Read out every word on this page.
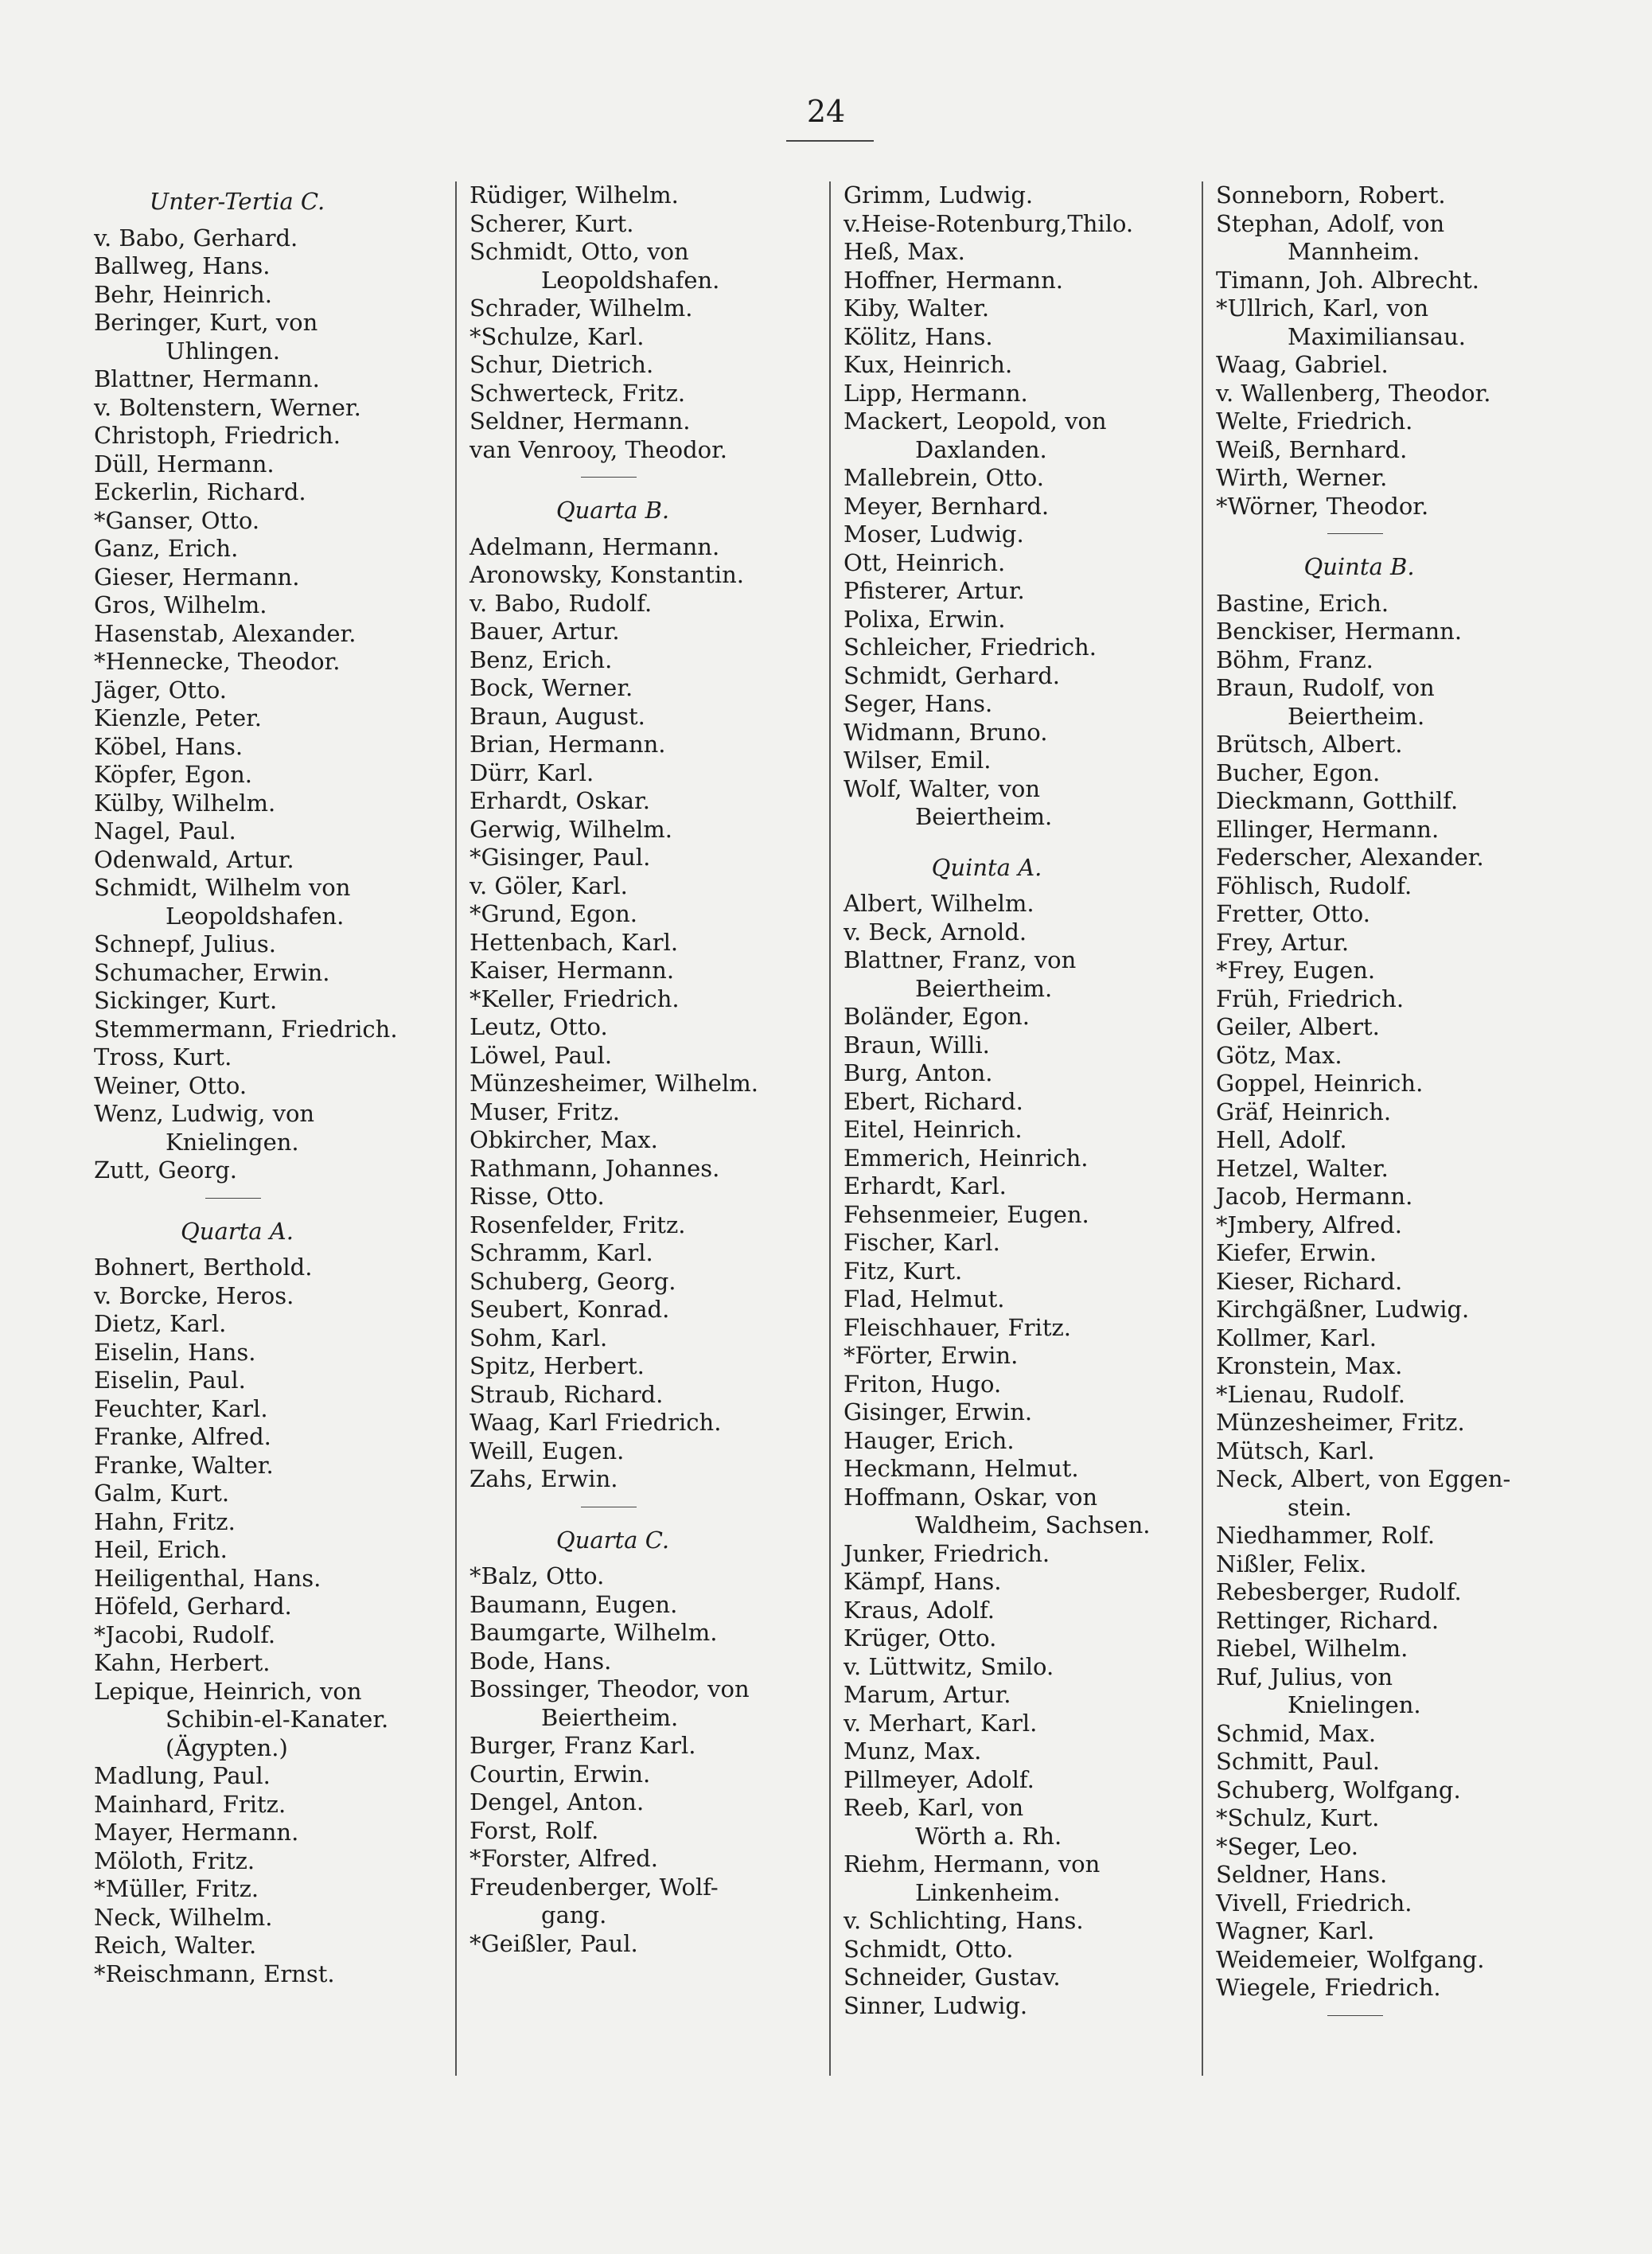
24
Unter-Tertia C.
v. Babo, Gerhard.
Ballweg, Hans.
Behr, Heinrich.
Beringer, Kurt, von
Uhlingen.
Blattner, Hermann.
v. Boltenstern, Werner.
Christoph, Friedrich.
Düll, Hermann.
Eckerlin, Richard.
*Ganser, Otto.
Ganz, Erich.
Gieser, Hermann.
Gros, Wilhelm.
Hasenstab, Alexander.
*Hennecke, Theodor.
Jäger, Otto.
Kienzle, Peter.
Köbel, Hans.
Köpfer, Egon.
Külby, Wilhelm.
Nagel, Paul.
Odenwald, Artur.
Schmidt, Wilhelm von
Leopoldshafen.
Schnepf, Julius.
Schumacher, Erwin.
Sickinger, Kurt.
Stemmermann, Friedrich.
Tross, Kurt.
Weiner, Otto.
Wenz, Ludwig, von
Knielingen.
Zutt, Georg.
Quarta A.
Bohnert, Berthold.
v. Borcke, Heros.
Dietz, Karl.
Eiselin, Hans.
Eiselin, Paul.
Feuchter, Karl.
Franke, Alfred.
Franke, Walter.
Galm, Kurt.
Hahn, Fritz.
Heil, Erich.
Heiligenthal, Hans.
Höfeld, Gerhard.
*Jacobi, Rudolf.
Kahn, Herbert.
Lepique, Heinrich, von
Schibin-el-Kanater.
(Ägypten.)
Madlung, Paul.
Mainhard, Fritz.
Mayer, Hermann.
Möloth, Fritz.
*Müller, Fritz.
Neck, Wilhelm.
Reich, Walter.
*Reischmann, Ernst.
Rüdiger, Wilhelm.
Scherer, Kurt.
Schmidt, Otto, von
Leopoldshafen.
Schrader, Wilhelm.
*Schulze, Karl.
Schur, Dietrich.
Schwerteck, Fritz.
Seldner, Hermann.
van Venrooy, Theodor.
Quarta B.
Adelmann, Hermann.
Aronowsky, Konstantin.
v. Babo, Rudolf.
Bauer, Artur.
Benz, Erich.
Bock, Werner.
Braun, August.
Brian, Hermann.
Dürr, Karl.
Erhardt, Oskar.
Gerwig, Wilhelm.
*Gisinger, Paul.
v. Göler, Karl.
*Grund, Egon.
Hettenbach, Karl.
Kaiser, Hermann.
*Keller, Friedrich.
Leutz, Otto.
Löwel, Paul.
Münzesheimer, Wilhelm.
Muser, Fritz.
Obkircher, Max.
Rathmann, Johannes.
Risse, Otto.
Rosenfelder, Fritz.
Schramm, Karl.
Schuberg, Georg.
Seubert, Konrad.
Sohm, Karl.
Spitz, Herbert.
Straub, Richard.
Waag, Karl Friedrich.
Weill, Eugen.
Zahs, Erwin.
Quarta C.
*Balz, Otto.
Baumann, Eugen.
Baumgarte, Wilhelm.
Bode, Hans.
Bossinger, Theodor, von
Beiertheim.
Burger, Franz Karl.
Courtin, Erwin.
Dengel, Anton.
Forst, Rolf.
*Forster, Alfred.
Freudenberger, Wolf-
gang.
*Geißler, Paul.
Grimm, Ludwig.
v.Heise-Rotenburg,Thilo.
Heß, Max.
Hoffner, Hermann.
Kiby, Walter.
Kölitz, Hans.
Kux, Heinrich.
Lipp, Hermann.
Mackert, Leopold, von
Daxlanden.
Mallebrein, Otto.
Meyer, Bernhard.
Moser, Ludwig.
Ott, Heinrich.
Pfisterer, Artur.
Polixa, Erwin.
Schleicher, Friedrich.
Schmidt, Gerhard.
Seger, Hans.
Widmann, Bruno.
Wilser, Emil.
Wolf, Walter, von
Beiertheim.
Quinta A.
Albert, Wilhelm.
v. Beck, Arnold.
Blattner, Franz, von
Beiertheim.
Boländer, Egon.
Braun, Willi.
Burg, Anton.
Ebert, Richard.
Eitel, Heinrich.
Emmerich, Heinrich.
Erhardt, Karl.
Fehsenmeier, Eugen.
Fischer, Karl.
Fitz, Kurt.
Flad, Helmut.
Fleischhauer, Fritz.
*Förter, Erwin.
Friton, Hugo.
Gisinger, Erwin.
Hauger, Erich.
Heckmann, Helmut.
Hoffmann, Oskar, von
Waldheim, Sachsen.
Junker, Friedrich.
Kämpf, Hans.
Kraus, Adolf.
Krüger, Otto.
v. Lüttwitz, Smilo.
Marum, Artur.
v. Merhart, Karl.
Munz, Max.
Pillmeyer, Adolf.
Reeb, Karl, von
Wörth a. Rh.
Riehm, Hermann, von
Linkenheim.
v. Schlichting, Hans.
Schmidt, Otto.
Schneider, Gustav.
Sinner, Ludwig.
Sonneborn, Robert.
Stephan, Adolf, von
Mannheim.
Timann, Joh. Albrecht.
*Ullrich, Karl, von
Maximiliansau.
Waag, Gabriel.
v. Wallenberg, Theodor.
Welte, Friedrich.
Weiß, Bernhard.
Wirth, Werner.
*Wörner, Theodor.
Quinta B.
Bastine, Erich.
Benckiser, Hermann.
Böhm, Franz.
Braun, Rudolf, von
Beiertheim.
Brütsch, Albert.
Bucher, Egon.
Dieckmann, Gotthilf.
Ellinger, Hermann.
Federscher, Alexander.
Föhlisch, Rudolf.
Fretter, Otto.
Frey, Artur.
*Frey, Eugen.
Früh, Friedrich.
Geiler, Albert.
Götz, Max.
Goppel, Heinrich.
Gräf, Heinrich.
Hell, Adolf.
Hetzel, Walter.
Jacob, Hermann.
*Jmbery, Alfred.
Kiefer, Erwin.
Kieser, Richard.
Kirchgäßner, Ludwig.
Kollmer, Karl.
Kronstein, Max.
*Lienau, Rudolf.
Münzesheimer, Fritz.
Mütsch, Karl.
Neck, Albert, von Eggen-
stein.
Niedhammer, Rolf.
Nißler, Felix.
Rebesberger, Rudolf.
Rettinger, Richard.
Riebel, Wilhelm.
Ruf, Julius, von
Knielingen.
Schmid, Max.
Schmitt, Paul.
Schuberg, Wolfgang.
*Schulz, Kurt.
*Seger, Leo.
Seldner, Hans.
Vivell, Friedrich.
Wagner, Karl.
Weidemeier, Wolfgang.
Wiegele, Friedrich.
